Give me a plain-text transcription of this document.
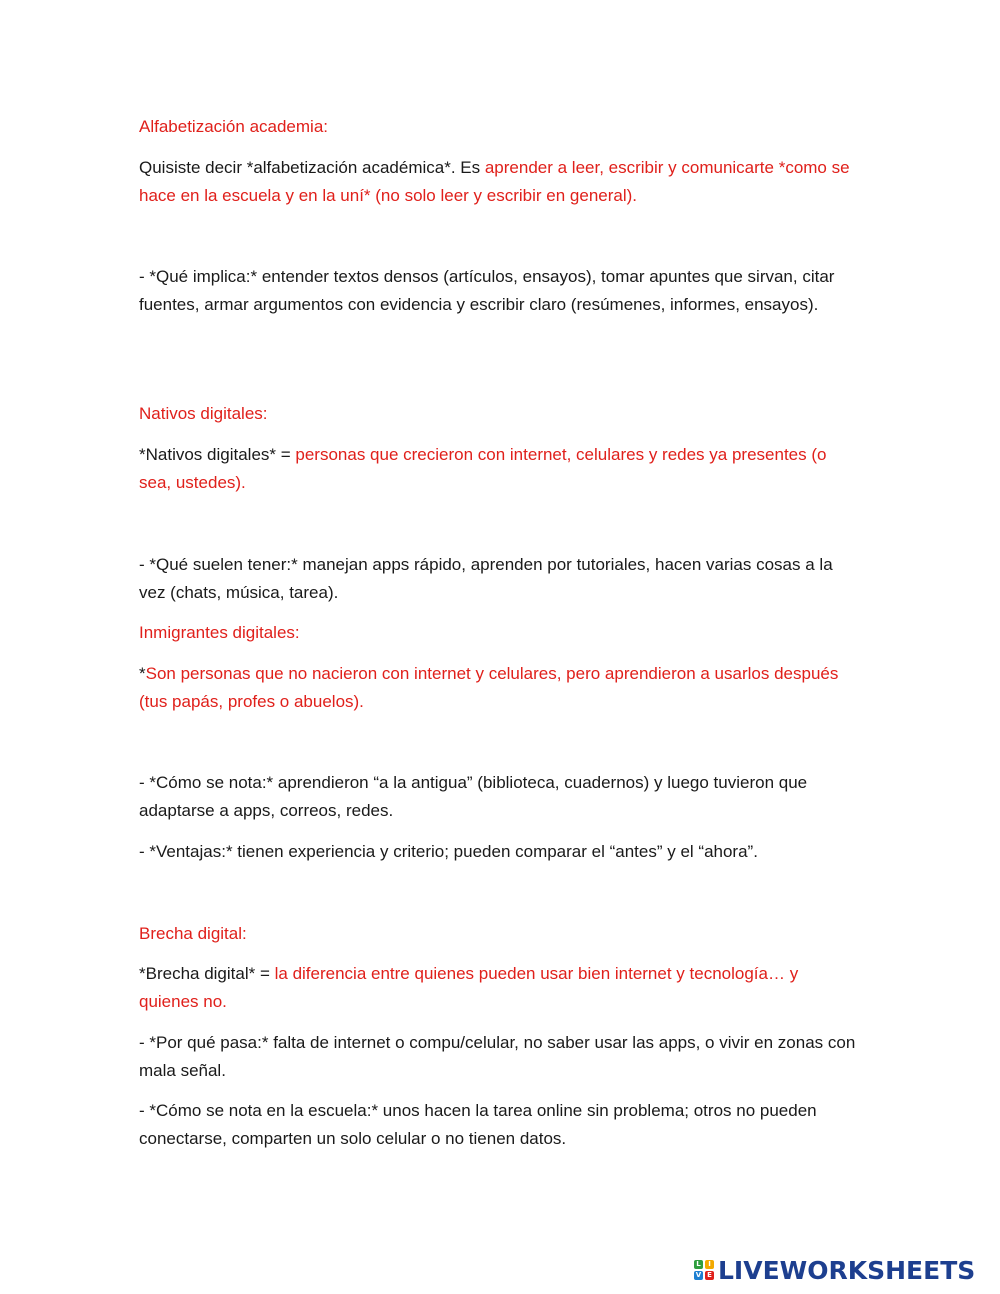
Alfabetización academia:

Quisiste decir *alfabetización académica*. Es aprender a leer, escribir y comunicarte *como se hace en la escuela y en la uní* (no solo leer y escribir en general).

- *Qué implica:* entender textos densos (artículos, ensayos), tomar apuntes que sirvan, citar fuentes, armar argumentos con evidencia y escribir claro (resúmenes, informes, ensayos).

Nativos digitales:

*Nativos digitales* = personas que crecieron con internet, celulares y redes ya presentes (o sea, ustedes).

- *Qué suelen tener:* manejan apps rápido, aprenden por tutoriales, hacen varias cosas a la vez (chats, música, tarea).

Inmigrantes digitales:

*Son personas que no nacieron con internet y celulares, pero aprendieron a usarlos después (tus papás, profes o abuelos).

- *Cómo se nota:* aprendieron “a la antigua” (biblioteca, cuadernos) y luego tuvieron que adaptarse a apps, correos, redes.

- *Ventajas:* tienen experiencia y criterio; pueden comparar el “antes” y el “ahora”.

Brecha digital:

*Brecha digital* = la diferencia entre quienes pueden usar bien internet y tecnología… y quienes no.

- *Por qué pasa:* falta de internet o compu/celular, no saber usar las apps, o vivir en zonas con mala señal.

- *Cómo se nota en la escuela:* unos hacen la tarea online sin problema; otros no pueden conectarse, comparten un solo celular o no tienen datos.

L	I
V E LIVEWORKSHEETS
